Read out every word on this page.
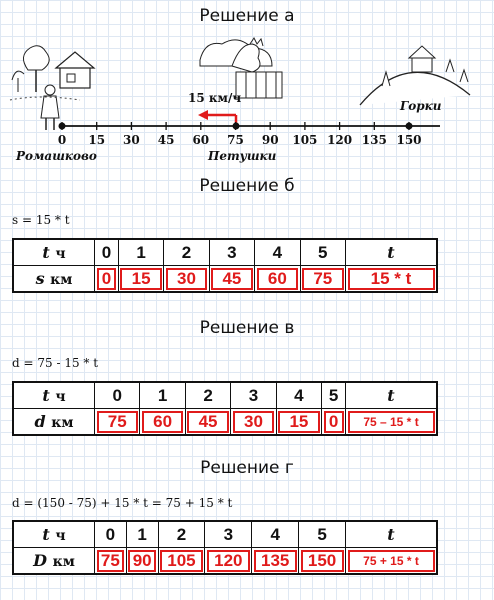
Решение а
15 км/ч
Горки
0 15 30 45 60 75 90 105 120 135 150
Ромашково	Петушки
Решение б
s = 15 * t
t ч	0	1	2	3	4	5	t
s км	0	15	30	45	60	75	15 * t
Решение в
d = 75 - 15 * t
t ч	0	1	2	3	4	5	t
d км	75	60	45	30	15	0	75 – 15 * t
Решение г
d = (150 - 75) + 15 * t = 75 + 15 * t
t ч	0	1	2	3	4	5	t
D км	75	90	105	120	135	150	75 + 15 * t
